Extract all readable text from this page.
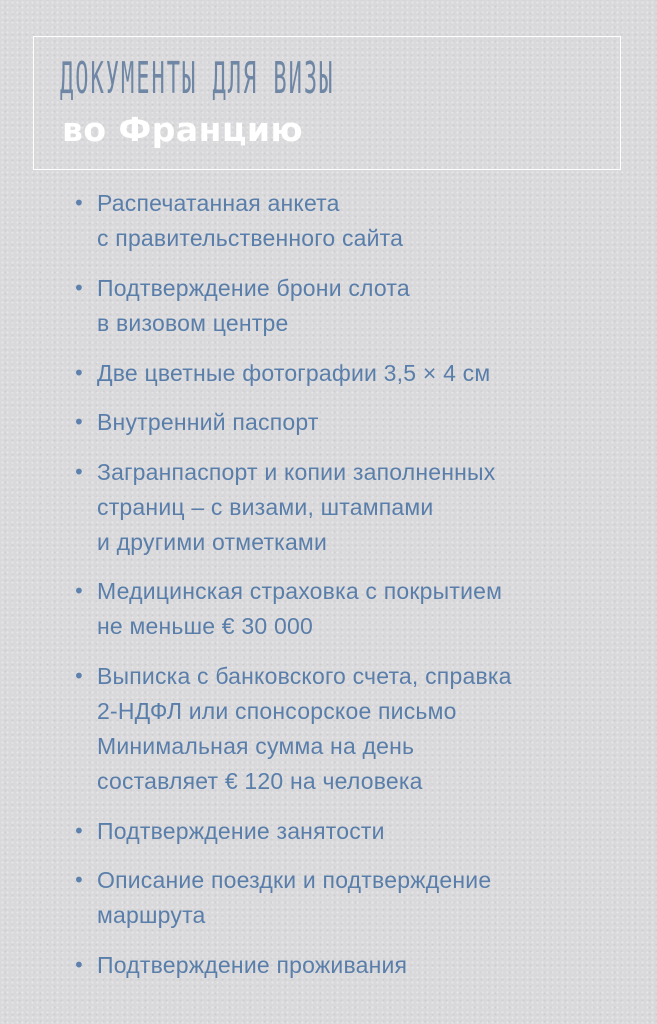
ДОКУМЕНТЫ ДЛЯ ВИЗЫ
во Францию
• Распечатанная анкета
с правительственного сайта
• Подтверждение брони слота
в визовом центре
• Две цветные фотографии 3,5 × 4 см
• Внутренний паспорт
• Загранпаспорт и копии заполненных
страниц – с визами, штампами
и другими отметками
• Медицинская страховка с покрытием
не меньше € 30 000
• Выписка с банковского счета, справка
2-НДФЛ или спонсорское письмо
Минимальная сумма на день
составляет € 120 на человека
• Подтверждение занятости
• Описание поездки и подтверждение
маршрута
• Подтверждение проживания
